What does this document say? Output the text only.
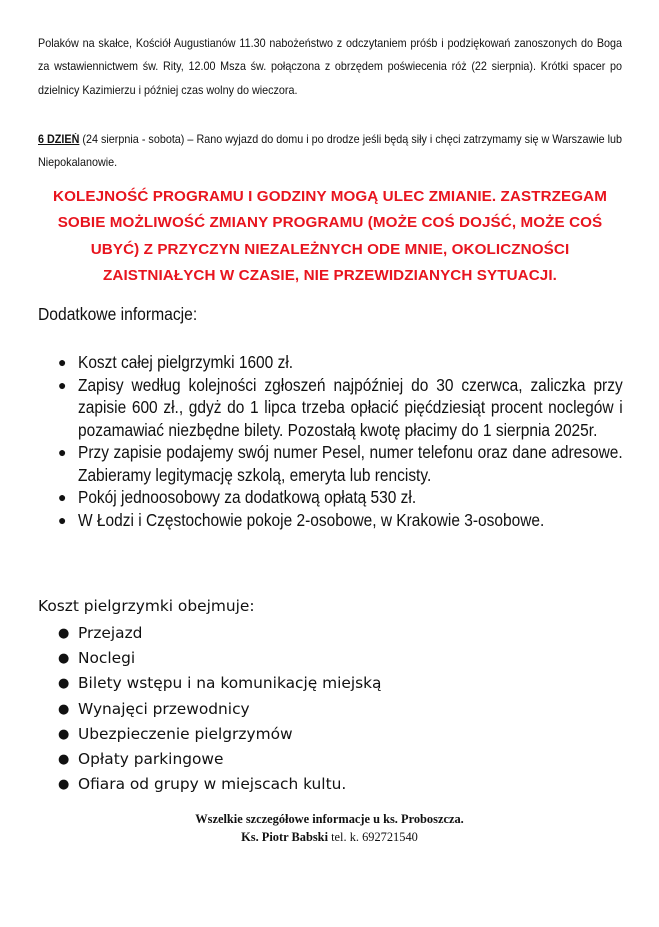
Polaków na skałce, Kościół Augustianów 11.30 nabożeństwo z odczytaniem próśb i podziękowań zanoszonych do Boga za wstawiennictwem św. Rity, 12.00 Msza św. połączona z obrzędem poświecenia róż (22 sierpnia). Krótki spacer po dzielnicy Kazimierzu i później czas wolny do wieczora.
6 DZIEŃ (24 sierpnia - sobota) – Rano wyjazd do domu i po drodze jeśli będą siły i chęci zatrzymamy się w Warszawie lub Niepokalanowie.
KOLEJNOŚĆ PROGRAMU I GODZINY MOGĄ ULEC ZMIANIE. ZASTRZEGAM SOBIE MOŻLIWOŚĆ ZMIANY PROGRAMU (MOŻE COŚ DOJŚĆ, MOŻE COŚ UBYĆ) Z PRZYCZYN NIEZALEŻNYCH ODE MNIE, OKOLICZNOŚCI ZAISTNIAŁYCH W CZASIE, NIE PRZEWIDZIANYCH SYTUACJI.
Dodatkowe informacje:
● Koszt całej pielgrzymki 1600 zł.
● Zapisy według kolejności zgłoszeń najpóźniej do 30 czerwca, zaliczka przy zapisie 600 zł., gdyż do 1 lipca trzeba opłacić pięćdziesiąt procent noclegów i pozamawiać niezbędne bilety. Pozostałą kwotę płacimy do 1 sierpnia 2025r.
● Przy zapisie podajemy swój numer Pesel, numer telefonu oraz dane adresowe. Zabieramy legitymację szkolą, emeryta lub rencisty.
● Pokój jednoosobowy za dodatkową opłatą 530 zł.
● W Łodzi i Częstochowie pokoje 2-osobowe, w Krakowie 3-osobowe.
Koszt pielgrzymki obejmuje:
● Przejazd
● Noclegi
● Bilety wstępu i na komunikację miejską
● Wynajęci przewodnicy
● Ubezpieczenie pielgrzymów
● Opłaty parkingowe
● Ofiara od grupy w miejscach kultu.
Wszelkie szczegółowe informacje u ks. Proboszcza.
Ks. Piotr Babski tel. k. 692721540
